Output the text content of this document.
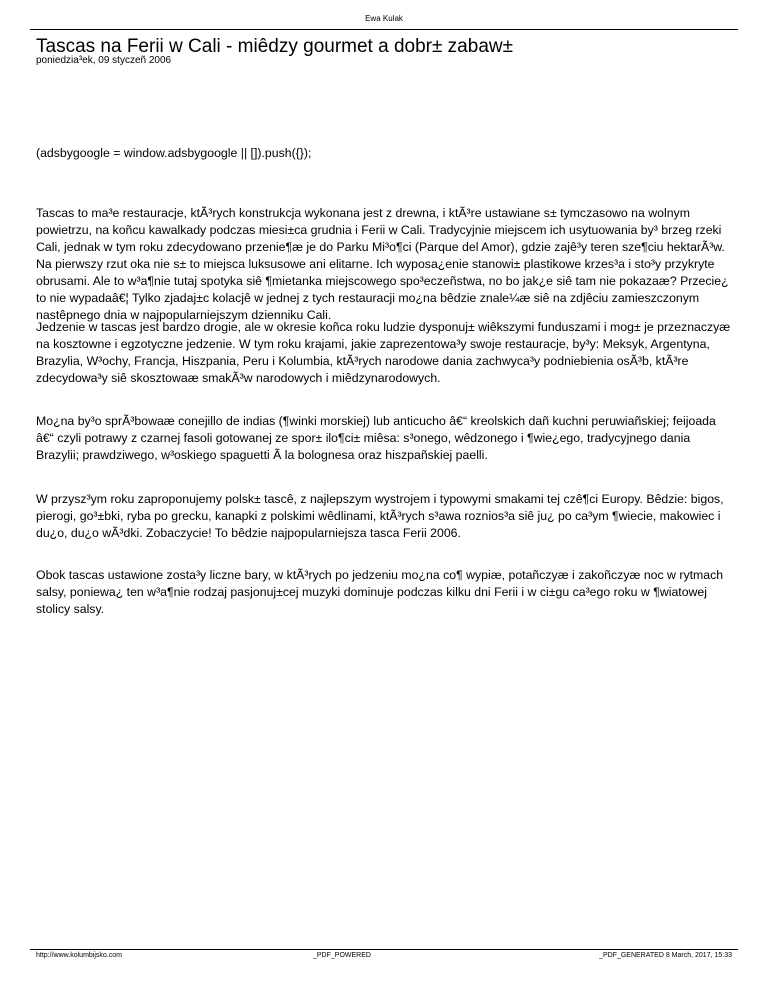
Ewa Kulak
Tascas na Ferii w Cali - miêdzy gourmet a dobr± zabaw±
poniedzia³ek, 09 styczeñ 2006

(adsbygoogle = window.adsbygoogle || []).push({});

Tascas to ma³e restauracje, ktÃ³rych konstrukcja wykonana jest z drewna, i ktÃ³re ustawiane s± tymczasowo na wolnym powietrzu, na koñcu kawalkady podczas miesi±ca grudnia i Ferii w Cali. Tradycyjnie miejscem ich usytuowania by³ brzeg rzeki Cali, jednak w tym roku zdecydowano przenie¶æ je do Parku Mi³o¶ci (Parque del Amor), gdzie zajê³y teren sze¶ciu hektarÃ³w. Na pierwszy rzut oka nie s± to miejsca luksusowe ani elitarne. Ich wyposa¿enie stanowi± plastikowe krzes³a i sto³y przykryte obrusami. Ale to w³a¶nie tutaj spotyka siê ¶mietanka miejscowego spo³eczeñstwa, no bo jak¿e siê tam nie pokazaæ? Przecie¿ to nie wypadaâ€¦ Tylko zjadaj±c kolacjê w jednej z tych restauracji mo¿na bêdzie znale¼æ siê na zdjêciu zamieszczonym nastêpnego dnia w najpopularniejszym dzienniku Cali.

Jedzenie w tascas jest bardzo drogie, ale w okresie koñca roku ludzie dysponuj± wiêkszymi funduszami i mog± je przeznaczyæ na kosztowne i egzotyczne jedzenie. W tym roku krajami, jakie zaprezentowa³y swoje restauracje, by³y: Meksyk, Argentyna, Brazylia, W³ochy, Francja, Hiszpania, Peru i Kolumbia, ktÃ³rych narodowe dania zachwyca³y podniebienia osÃ³b, ktÃ³re zdecydowa³y siê skosztowaæ smakÃ³w narodowych i miêdzynarodowych.

Mo¿na by³o sprÃ³bowaæ conejillo de indias (¶winki morskiej) lub anticucho â€“ kreolskich dañ kuchni peruwiañskiej; feijoada â€“ czyli potrawy z czarnej fasoli gotowanej ze spor± ilo¶ci± miêsa: s³onego, wêdzonego i ¶wie¿ego, tradycyjnego dania Brazylii; prawdziwego, w³oskiego spaguetti Ã la bolognesa oraz hiszpañskiej paelli.

W przysz³ym roku zaproponujemy polsk± tascê, z najlepszym wystrojem i typowymi smakami tej czê¶ci Europy. Bêdzie: bigos, pierogi, go³±bki, ryba po grecku, kanapki z polskimi wêdlinami, ktÃ³rych s³awa roznios³a siê ju¿ po ca³ym ¶wiecie, makowiec i du¿o, du¿o wÃ³dki. Zobaczycie! To bêdzie najpopularniejsza tasca Ferii 2006.

Obok tascas ustawione zosta³y liczne bary, w ktÃ³rych po jedzeniu mo¿na co¶ wypiæ, potañczyæ i zakoñczyæ noc w rytmach salsy, poniewa¿ ten w³a¶nie rodzaj pasjonuj±cej muzyki dominuje podczas kilku dni Ferii i w ci±gu ca³ego roku w ¶wiatowej stolicy salsy.

http://www.kolumbijsko.com	_PDF_POWERED	_PDF_GENERATED 8 March, 2017, 15:33
